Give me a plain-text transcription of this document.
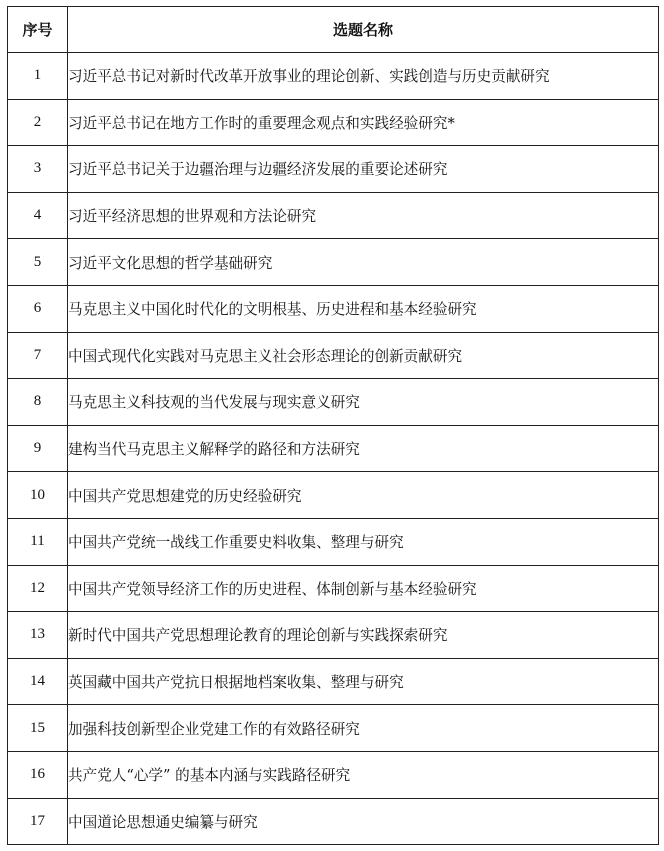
序号	选题名称
1	习近平总书记对新时代改革开放事业的理论创新、实践创造与历史贡献研究
2	习近平总书记在地方工作时的重要理念观点和实践经验研究*
3	习近平总书记关于边疆治理与边疆经济发展的重要论述研究
4	习近平经济思想的世界观和方法论研究
5	习近平文化思想的哲学基础研究
6	马克思主义中国化时代化的文明根基、历史进程和基本经验研究
7	中国式现代化实践对马克思主义社会形态理论的创新贡献研究
8	马克思主义科技观的当代发展与现实意义研究
9	建构当代马克思主义解释学的路径和方法研究
10	中国共产党思想建党的历史经验研究
11	中国共产党统一战线工作重要史料收集、整理与研究
12	中国共产党领导经济工作的历史进程、体制创新与基本经验研究
13	新时代中国共产党思想理论教育的理论创新与实践探索研究
14	英国藏中国共产党抗日根据地档案收集、整理与研究
15	加强科技创新型企业党建工作的有效路径研究
16	共产党人“心学” 的基本内涵与实践路径研究
17	中国道论思想通史编纂与研究
